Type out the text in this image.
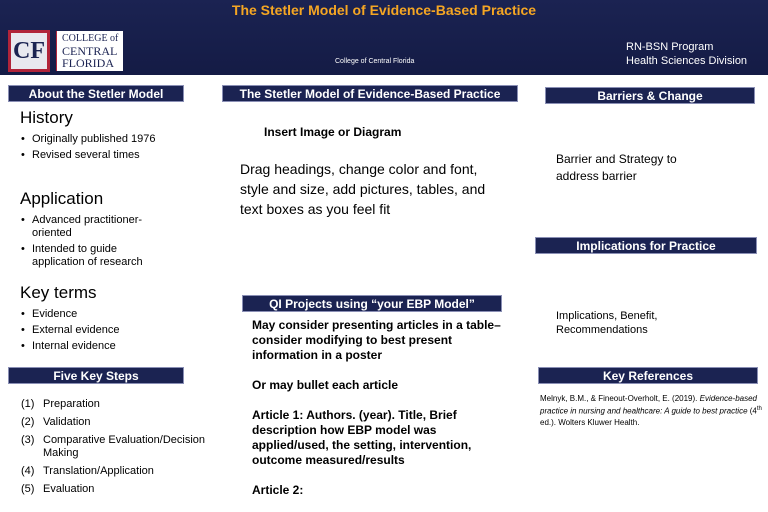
The Stetler Model of Evidence-Based Practice
CF	COLLEGE of
CENTRAL
FLORIDA	College of Central Florida
RN-BSN Program
Health Sciences Division
About the Stetler Model
History
• Originally published 1976
• Revised several times
Application
• Advanced practitioner-oriented
• Intended to guide application of research
Key terms
• Evidence
• External evidence
• Internal evidence
Five Key Steps
(1) Preparation
(2) Validation
(3) Comparative Evaluation/Decision Making
(4) Translation/Application
(5) Evaluation
The Stetler Model of Evidence-Based Practice
Insert Image or Diagram
Drag headings, change color and font, style and size, add pictures, tables, and text boxes as you feel fit
QI Projects using “your EBP Model”
May consider presenting articles in a table– consider modifying to best present information in a poster
Or may bullet each article
Article 1: Authors. (year). Title, Brief description how EBP model was applied/used, the setting, intervention, outcome measured/results
Article 2:
Barriers & Change
Barrier and Strategy to address barrier
Implications for Practice
Implications, Benefit, Recommendations
Key References
Melnyk, B.M., & Fineout-Overholt, E. (2019). Evidence-based practice in nursing and healthcare: A guide to best practice (4th ed.). Wolters Kluwer Health.
